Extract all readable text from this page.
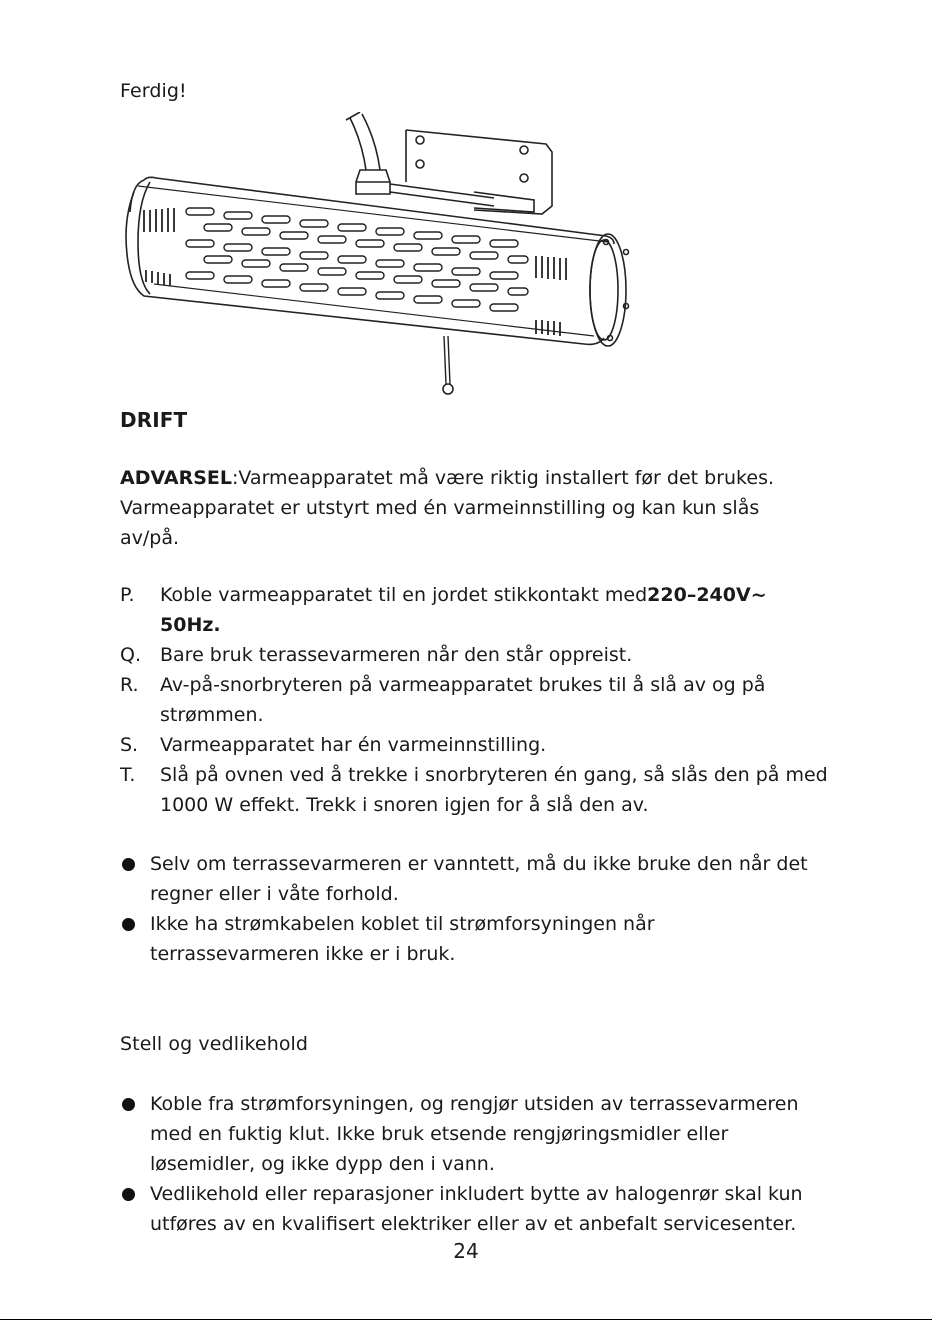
Ferdig!
DRIFT
ADVARSEL:Varmeapparatet må være riktig installert før det brukes.
Varmeapparatet er utstyrt med én varmeinnstilling og kan kun slås
av/på.
P. Koble varmeapparatet til en jordet stikkontakt med220–240V~
50Hz.
Q. Bare bruk terassevarmeren når den står oppreist.
R. Av-på-snorbryteren på varmeapparatet brukes til å slå av og på
strømmen.
S. Varmeapparatet har én varmeinnstilling.
T. Slå på ovnen ved å trekke i snorbryteren én gang, så slås den på med
1000 W effekt. Trekk i snoren igjen for å slå den av.
Selv om terrassevarmeren er vanntett, må du ikke bruke den når det
regner eller i våte forhold.
Ikke ha strømkabelen koblet til strømforsyningen når
terrassevarmeren ikke er i bruk.
Stell og vedlikehold
Koble fra strømforsyningen, og rengjør utsiden av terrassevarmeren
med en fuktig klut. Ikke bruk etsende rengjøringsmidler eller
løsemidler, og ikke dypp den i vann.
Vedlikehold eller reparasjoner inkludert bytte av halogenrør skal kun
utføres av en kvalifisert elektriker eller av et anbefalt servicesenter.
24
